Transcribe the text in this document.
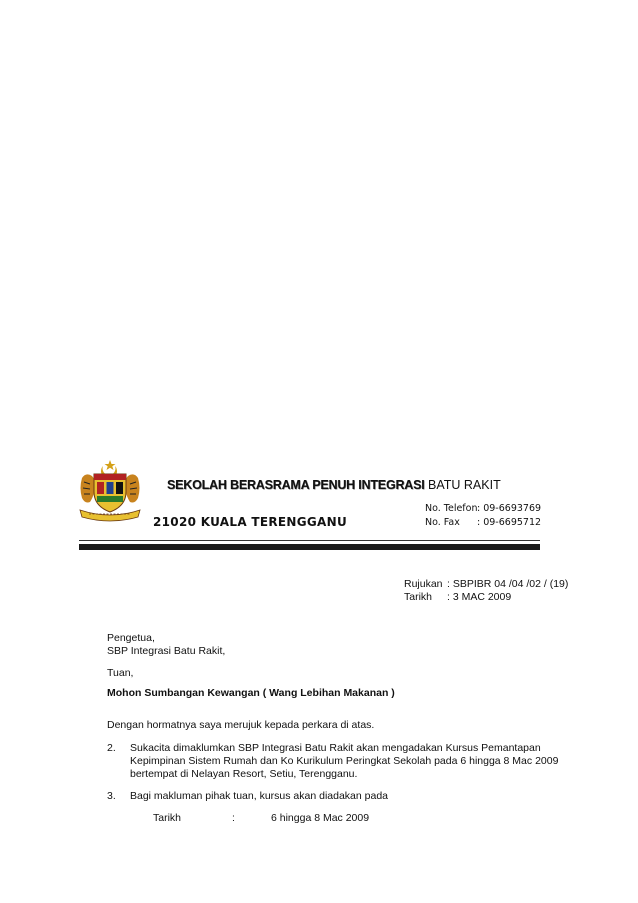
SEKOLAH BERASRAMA PENUH INTEGRASI BATU RAKIT
21020 KUALA TERENGGANU
No. Telefon: 09-6693769
No. Fax : 09-6695712
Rujukan : SBPIBR 04 /04 /02 / (19)
Tarikh : 3 MAC 2009
Pengetua,
SBP Integrasi Batu Rakit,
Tuan,
Mohon Sumbangan Kewangan ( Wang Lebihan Makanan )
Dengan hormatnya saya merujuk kepada perkara di atas.
2. Sukacita dimaklumkan SBP Integrasi Batu Rakit akan mengadakan Kursus Pemantapan
Kepimpinan Sistem Rumah dan Ko Kurikulum Peringkat Sekolah pada 6 hingga 8 Mac 2009
bertempat di Nelayan Resort, Setiu, Terengganu.
3. Bagi makluman pihak tuan, kursus akan diadakan pada
Tarikh	:	6 hingga 8 Mac 2009
